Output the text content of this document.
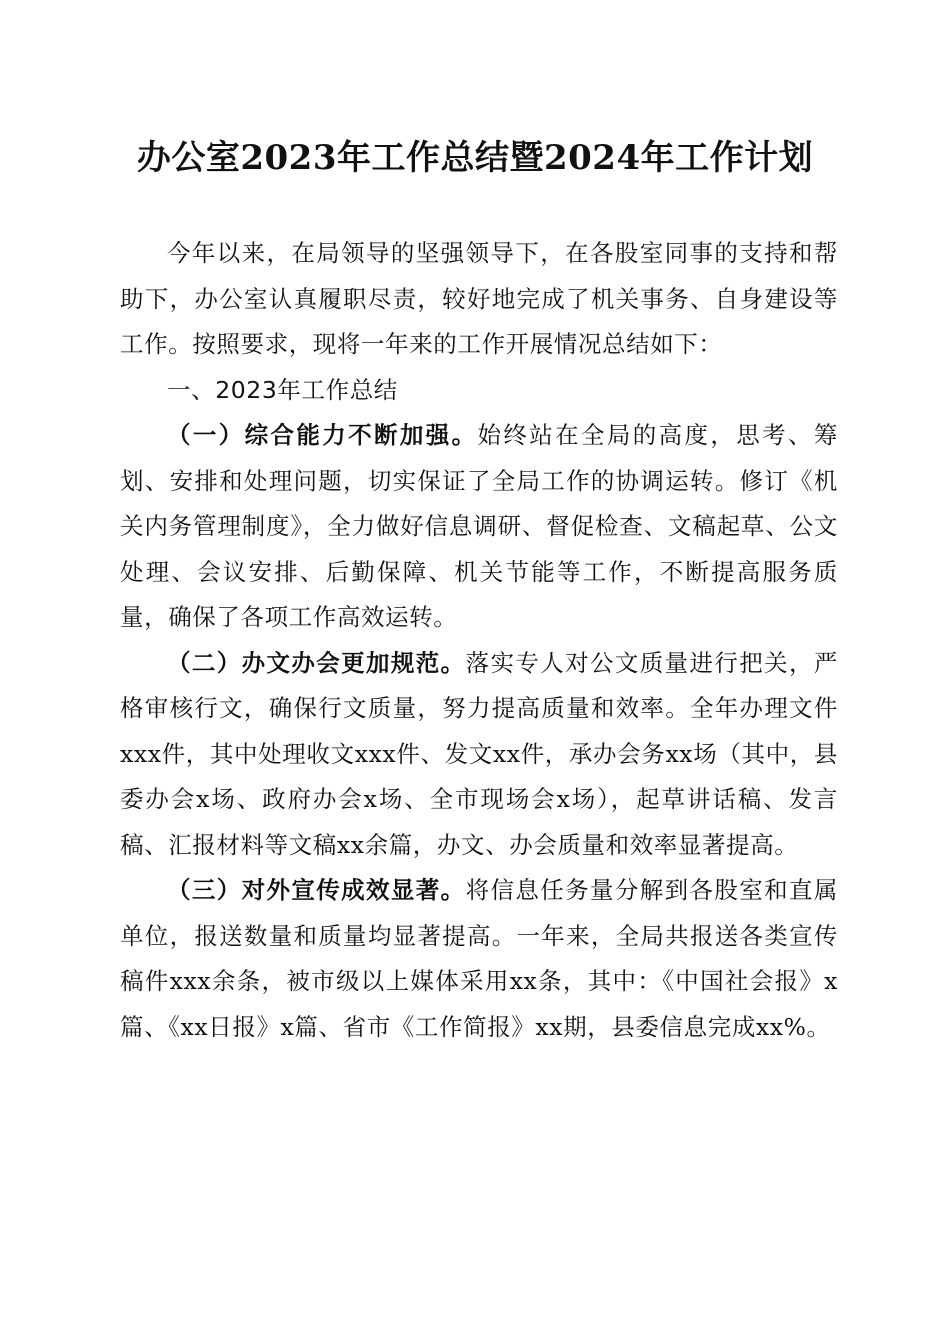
办公室2023年工作总结暨2024年工作计划

今年以来，在局领导的坚强领导下，在各股室同事的支持和帮助下，办公室认真履职尽责，较好地完成了机关事务、自身建设等工作。按照要求，现将一年来的工作开展情况总结如下：

一、2023年工作总结

（一）综合能力不断加强。始终站在全局的高度，思考、筹划、安排和处理问题，切实保证了全局工作的协调运转。修订《机关内务管理制度》，全力做好信息调研、督促检查、文稿起草、公文处理、会议安排、后勤保障、机关节能等工作，不断提高服务质量，确保了各项工作高效运转。

（二）办文办会更加规范。落实专人对公文质量进行把关，严格审核行文，确保行文质量，努力提高质量和效率。全年办理文件xxx件，其中处理收文xxx件、发文xx件，承办会务xx场（其中，县委办会x场、政府办会x场、全市现场会x场），起草讲话稿、发言稿、汇报材料等文稿xx余篇，办文、办会质量和效率显著提高。

（三）对外宣传成效显著。将信息任务量分解到各股室和直属单位，报送数量和质量均显著提高。一年来，全局共报送各类宣传稿件xxx余条，被市级以上媒体采用xx条，其中：《中国社会报》x篇、《xx日报》x篇、省市《工作简报》xx期，县委信息完成xx%。
